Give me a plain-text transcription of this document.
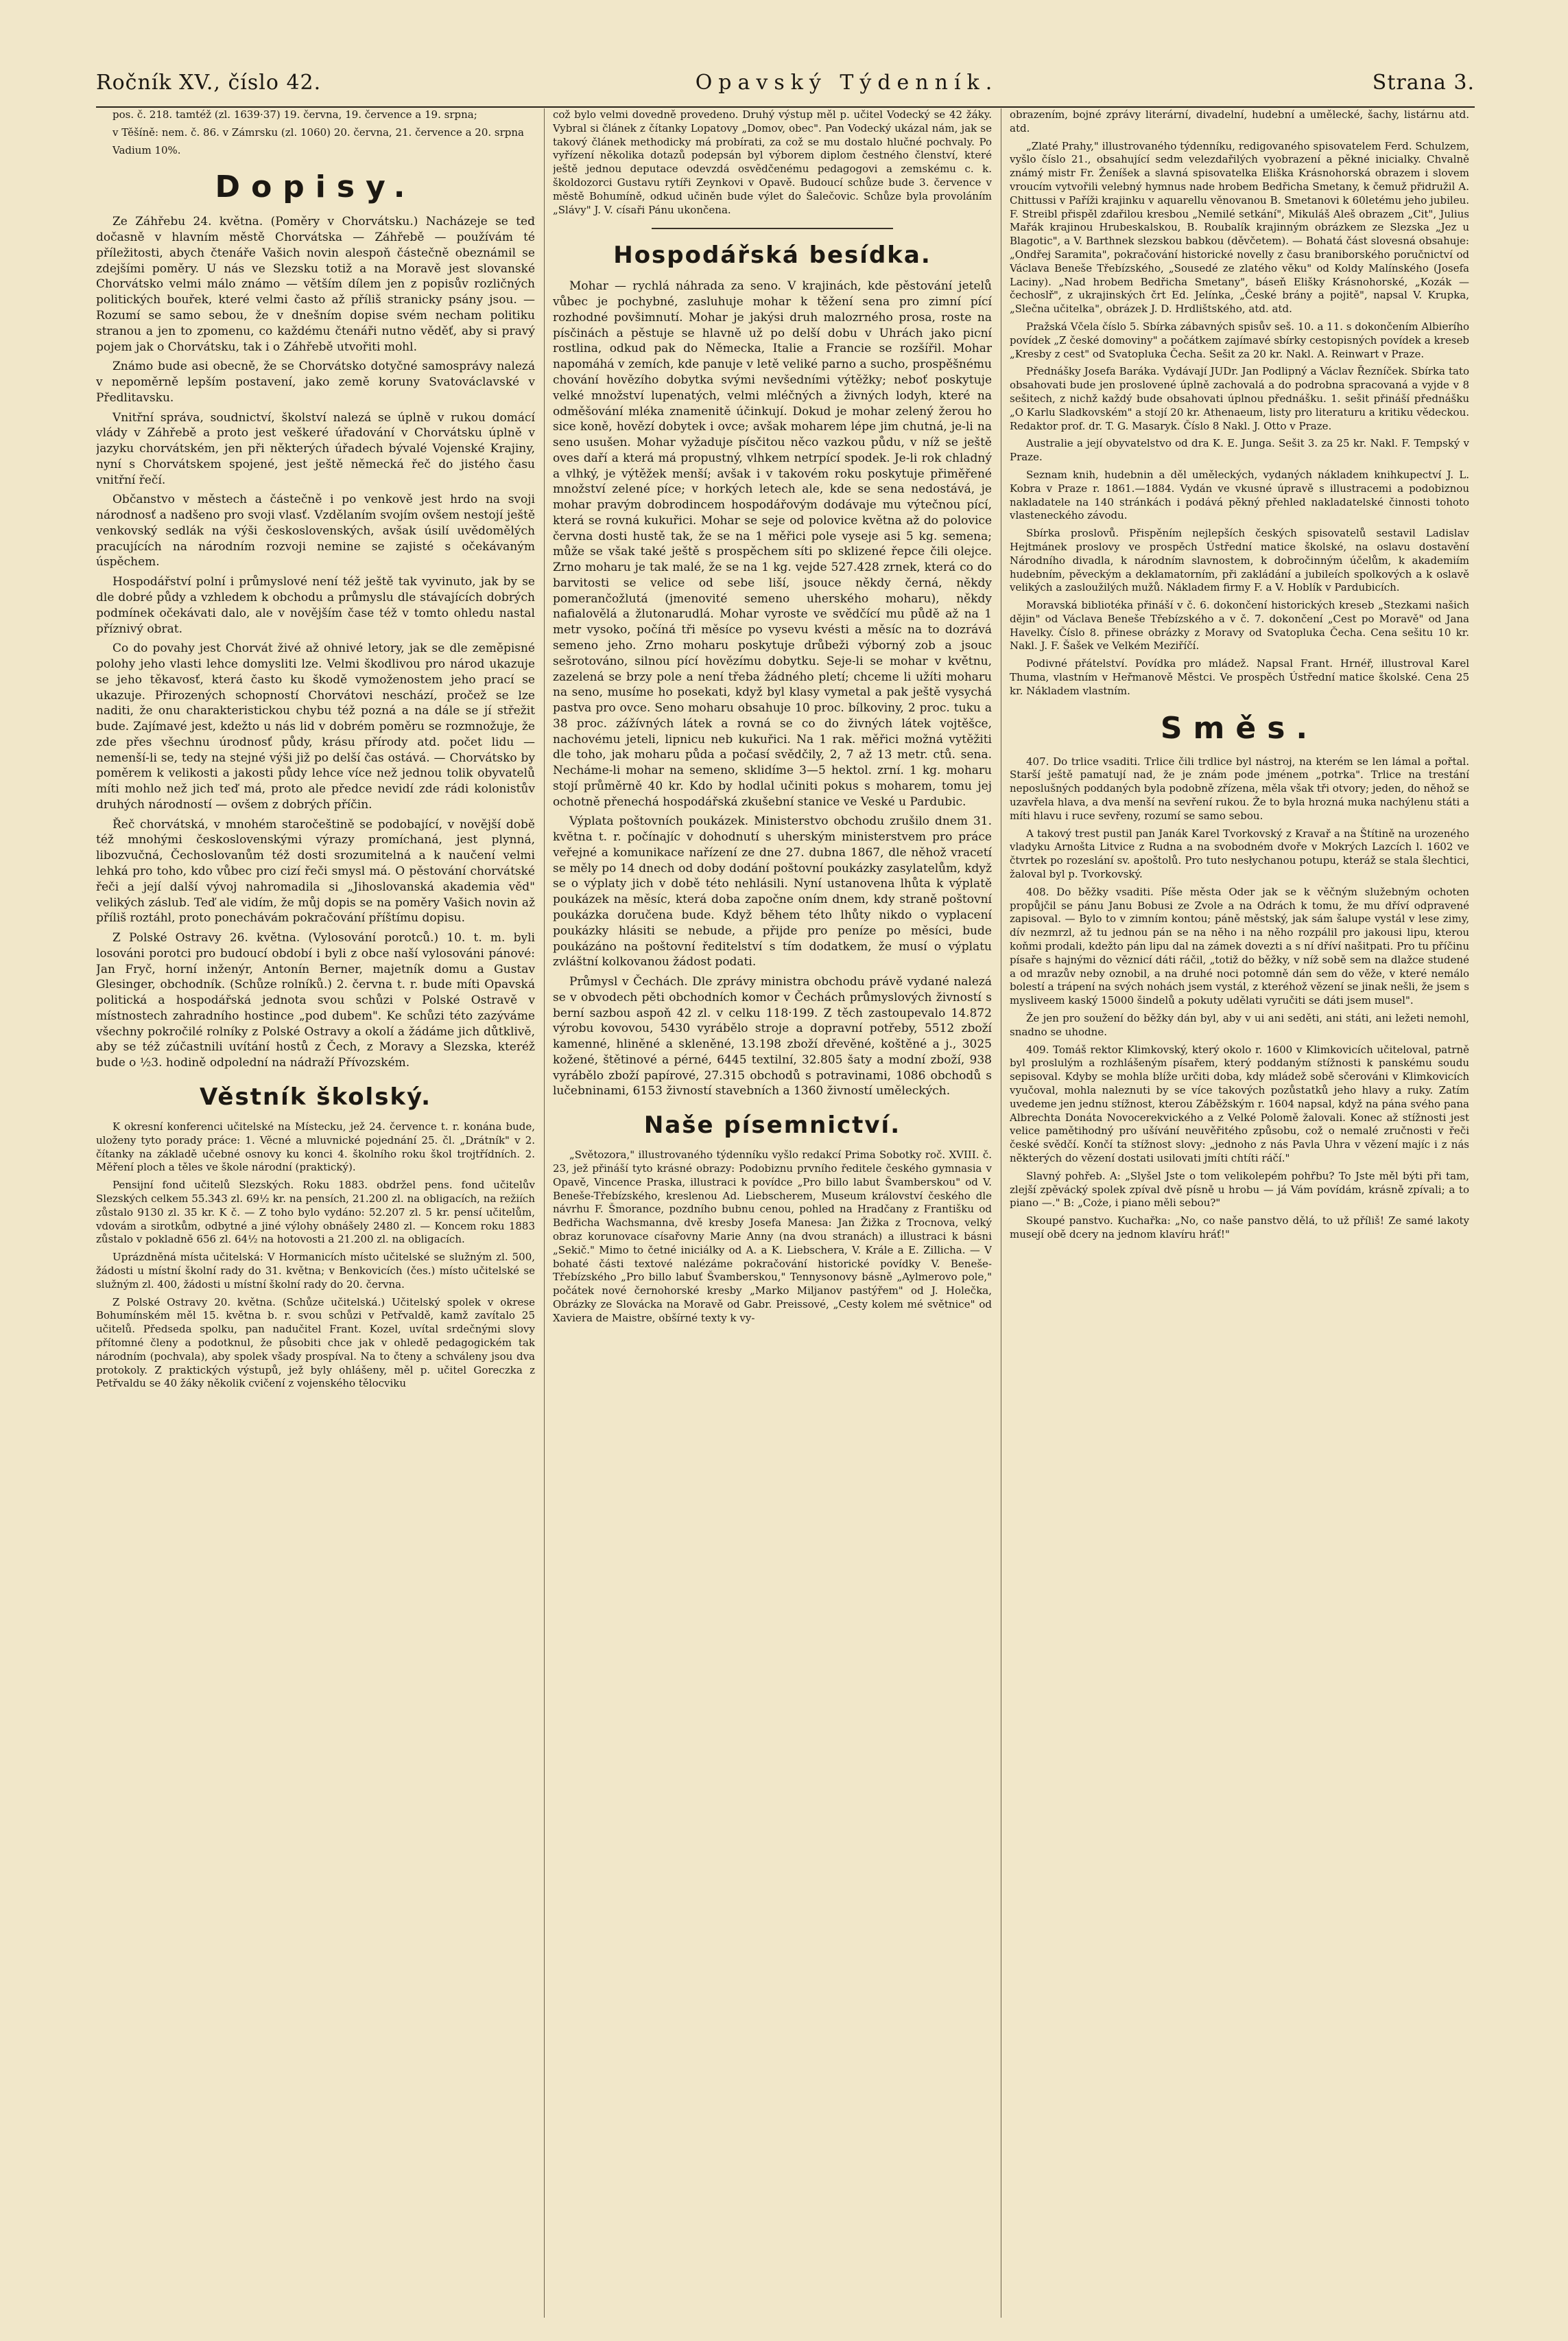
Ročník XV., číslo 42.	Opavský Týdenník.	Strana 3.

pos. č. 218. tamtéž (zl. 1639·37) 19. června, 19. července a 19. srpna;

v Těšíně: nem. č. 86. v Zámrsku (zl. 1060) 20. června, 21. července a 20. srpna

Vadium 10%.

Dopisy.

Ze Záhřebu 24. května. (Poměry v Chorvátsku.) Nacházeje se teď dočasně v hlavním městě Chorvátska — Záhřebě — používám té příležitosti, abych čtenáře Vašich novin alespoň částečně obeznámil se zdejšími poměry. U nás ve Slezsku totiž a na Moravě jest slovanské Chorvátsko velmi málo známo — větším dílem jen z popisův rozličných politických bouřek, které velmi často až příliš stranicky psány jsou. — Rozumí se samo sebou, že v dnešním dopise svém necham politiku stranou a jen to zpomenu, co každému čtenáři nutno věděť, aby si pravý pojem jak o Chorvátsku, tak i o Záhřebě utvořiti mohl.

Známo bude asi obecně, že se Chorvátsko dotyčné samosprávy nalezá v nepoměrně lepším postavení, jako země koruny Svatováclavské v Předlitavsku.

Vnitřní správa, soudnictví, školství nalezá se úplně v rukou domácí vlády v Záhřebě a proto jest veškeré úřadování v Chorvátsku úplně v jazyku chorvátském, jen při některých úřadech bývalé Vojenské Krajiny, nyní s Chorvátskem spojené, jest ještě německá řeč do jistého času vnitřní řečí.

Občanstvo v městech a částečně i po venkově jest hrdo na svoji národnosť a nadšeno pro svoji vlasť. Vzdělaním svojím ovšem nestojí ještě venkovský sedlák na výši československých, avšak úsilí uvědomělých pracujících na národním rozvoji nemine se zajisté s očekávaným úspěchem.

Hospodářství polní i průmyslové není též ještě tak vyvinuto, jak by se dle dobré půdy a vzhledem k obchodu a průmyslu dle stávajících dobrých podmínek očekávati dalo, ale v novějším čase též v tomto ohledu nastal příznivý obrat.

Co do povahy jest Chorvát živé až ohnivé letory, jak se dle zeměpisné polohy jeho vlasti lehce domysliti lze. Velmi škodlivou pro národ ukazuje se jeho těkavosť, která často ku škodě vymoženostem jeho prací se ukazuje. Přirozených schopností Chorvátovi neschází, pročež se lze naditi, že onu charakteristickou chybu též pozná a na dále se jí střežit bude. Zajímavé jest, kdežto u nás lid v dobrém poměru se rozmnožuje, že zde přes všechnu úrodnosť půdy, krásu přírody atd. počet lidu — nemenší-li se, tedy na stejné výši již po delší čas ostává. — Chorvátsko by poměrem k velikosti a jakosti půdy lehce více než jednou tolik obyvatelů míti mohlo než jich teď má, proto ale předce nevidí zde rádi kolonistův druhých národností — ovšem z dobrých příčin.

Řeč chorvátská, v mnohém staročeštině se podobající, v novější době též mnohými československými výrazy promíchaná, jest plynná, libozvučná, Čechoslovanům též dosti srozumitelná a k naučení velmi lehká pro toho, kdo vůbec pro cizí řeči smysl má. O pěstování chorvátské řeči a její další vývoj nahromadila si „Jihoslovanská akademia věd" velikých záslub. Teď ale vidím, že můj dopis se na poměry Vašich novin až příliš roztáhl, proto ponechávám pokračování příštímu dopisu.

Z Polské Ostravy 26. května. (Vylosování porotců.) 10. t. m. byli losováni porotci pro budoucí období i byli z obce naší vylosováni pánové: Jan Fryč, horní inženýr, Antonín Berner, majetník domu a Gustav Glesinger, obchodník. (Schůze rolníků.) 2. června t. r. bude míti Opavská politická a hospodářská jednota svou schůzi v Polské Ostravě v místnostech zahradního hostince „pod dubem". Ke schůzi této zazýváme všechny pokročilé rolníky z Polské Ostravy a okolí a žádáme jich důtklivě, aby se též zúčastnili uvítání hostů z Čech, z Moravy a Slezska, kteréž bude o ½3. hodině odpolední na nádraží Přívozském.

Věstník školský.

K okresní konferenci učitelské na Místecku, jež 24. července t. r. konána bude, uloženy tyto porady práce: 1. Věcné a mluvnické pojednání 25. čl. „Drátník" v 2. čítanky na základě učebné osnovy ku konci 4. školního roku škol trojtřídních. 2. Měření ploch a těles ve škole národní (praktický).

Pensijní fond učitelů Slezských. Roku 1883. obdržel pens. fond učitelův Slezských celkem 55.343 zl. 69½ kr. na pensích, 21.200 zl. na obligacích, na režiích zůstalo 9130 zl. 35 kr. K č. — Z toho bylo vydáno: 52.207 zl. 5 kr. pensí učitelům, vdovám a sirotkům, odbytné a jiné výlohy obnášely 2480 zl. — Koncem roku 1883 zůstalo v pokladně 656 zl. 64½ na hotovosti a 21.200 zl. na obligacích.

Uprázdněná místa učitelská: V Hormanicích místo učitelské se služným zl. 500, žádosti u místní školní rady do 31. května; v Benkovicích (čes.) místo učitelské se služným zl. 400, žádosti u místní školní rady do 20. června.

Z Polské Ostravy 20. května. (Schůze učitelská.) Učitelský spolek v okrese Bohumínském měl 15. května b. r. svou schůzi v Petřvaldě, kamž zavítalo 25 učitelů. Předseda spolku, pan nadučitel Frant. Kozel, uvítal srdečnými slovy přítomné členy a podotknul, že působiti chce jak v ohledě pedagogickém tak národním (pochvala), aby spolek všady prospíval. Na to čteny a schváleny jsou dva protokoly. Z praktických výstupů, jež byly ohlášeny, měl p. učitel Goreczka z Petřvaldu se 40 žáky několik cvičení z vojenského tělocviku

což bylo velmi dovedně provedeno. Druhý výstup měl p. učitel Vodecký se 42 žáky. Vybral si článek z čítanky Lopatovy „Domov, obec". Pan Vodecký ukázal nám, jak se takový článek methodicky má probírati, za což se mu dostalo hlučné pochvaly. Po vyřízení několika dotazů podepsán byl výborem diplom čestného členství, které ještě jednou deputace odevzdá osvědčenému pedagogovi a zemskému c. k. školdozorci Gustavu rytíři Zeynkovi v Opavě. Budoucí schůze bude 3. července v městě Bohumíně, odkud učiněn bude výlet do Šalečovic. Schůze byla provoláním „Slávy" J. V. císaři Pánu ukončena.

Hospodářská besídka.

Mohar — rychlá náhrada za seno. V krajinách, kde pěstování jetelů vůbec je pochybné, zasluhuje mohar k těžení sena pro zimní pící rozhodné povšimnutí. Mohar je jakýsi druh malozrného prosa, roste na písčinách a pěstuje se hlavně už po delší dobu v Uhrách jako picní rostlina, odkud pak do Německa, Italie a Francie se rozšířil. Mohar napomáhá v zemích, kde panuje v letě veliké parno a sucho, prospěšnému chování hovězího dobytka svými nevšedními výtěžky; neboť poskytuje velké množství lupenatých, velmi mléčných a živných lodyh, které na odměšování mléka znamenitě účinkují. Dokud je mohar zelený žerou ho sice koně, hovězí dobytek i ovce; avšak moharem lépe jim chutná, je-li na seno usušen. Mohar vyžaduje písčitou něco vazkou půdu, v níž se ještě oves daří a která má propustný, vlhkem netrpící spodek. Je-li rok chladný a vlhký, je výtěžek menší; avšak i v takovém roku poskytuje přiměřené množství zelené píce; v horkých letech ale, kde se sena nedostává, je mohar pravým dobrodincem hospodářovým dodávaje mu výtečnou pící, která se rovná kukuřici. Mohar se seje od polovice května až do polovice června dosti hustě tak, že se na 1 měřici pole vyseje asi 5 kg. semena; může se však také ještě s prospěchem síti po sklizené řepce čili olejce. Zrno moharu je tak malé, že se na 1 kg. vejde 527.428 zrnek, která co do barvitosti se velice od sebe liší, jsouce někdy černá, někdy pomerančožlutá (jmenovité semeno uherského moharu), někdy nafialovělá a žlutonarudlá. Mohar vyroste ve svědčící mu půdě až na 1 metr vysoko, počíná tři měsíce po vysevu kvésti a měsíc na to dozrává semeno jeho. Zrno moharu poskytuje drůbeži výborný zob a jsouc sešrotováno, silnou pící hovězímu dobytku. Seje-li se mohar v květnu, zazelená se brzy pole a není třeba žádného pletí; chceme li užíti moharu na seno, musíme ho posekati, když byl klasy vymetal a pak ještě vysychá pastva pro ovce. Seno moharu obsahuje 10 proc. bílkoviny, 2 proc. tuku a 38 proc. zážívných látek a rovná se co do živných látek vojtěšce, nachovému jeteli, lipnicu neb kukuřici. Na 1 rak. měřici možná vytěžiti dle toho, jak moharu půda a počasí svědčily, 2, 7 až 13 metr. ctů. sena. Necháme-li mohar na semeno, sklidíme 3—5 hektol. zrní. 1 kg. moharu stojí průměrně 40 kr. Kdo by hodlal učiniti pokus s moharem, tomu jej ochotně přenechá hospodářská zkušební stanice ve Veské u Pardubic.

Výplata poštovních poukázek. Ministerstvo obchodu zrušilo dnem 31. května t. r. počínajíc v dohodnutí s uherským ministerstvem pro práce veřejné a komunikace nařízení ze dne 27. dubna 1867, dle něhož vracetí se měly po 14 dnech od doby dodání poštovní poukázky zasylatelům, když se o výplaty jich v době této nehlásili. Nyní ustanovena lhůta k výplatě poukázek na měsíc, která doba započne oním dnem, kdy straně poštovní poukázka doručena bude. Když během této lhůty nikdo o vyplacení poukázky hlásiti se nebude, a přijde pro peníze po měsíci, bude poukázáno na poštovní ředitelství s tím dodatkem, že musí o výplatu zvláštní kolkovanou žádost podati.

Průmysl v Čechách. Dle zprávy ministra obchodu právě vydané nalezá se v obvodech pěti obchodních komor v Čechách průmyslových živností s berní sazbou aspoň 42 zl. v celku 118·199. Z těch zastoupevalo 14.872 výrobu kovovou, 5430 vyrábělo stroje a dopravní potřeby, 5512 zboží kamenné, hliněné a skleněné, 13.198 zboží dřevěné, koštěné a j., 3025 kožené, štětinové a pérné, 6445 textilní, 32.805 šaty a modní zboží, 938 vyrábělo zboží papírové, 27.315 obchodů s potravinami, 1086 obchodů s lučebninami, 6153 živností stavebních a 1360 živností uměleckých.

Naše písemnictví.

„Světozora," illustrovaného týdenníku vyšlo redakcí Prima Sobotky roč. XVIII. č. 23, jež přináší tyto krásné obrazy: Podobiznu prvního ředitele českého gymnasia v Opavě, Vincence Praska, illustraci k povídce „Pro billo labut Švamberskou" od V. Beneše-Třebízského, kreslenou Ad. Liebscherem, Museum království českého dle návrhu F. Šmorance, pozdního bubnu cenou, pohled na Hradčany z Františku od Bedřicha Wachsmanna, dvě kresby Josefa Manesa: Jan Žižka z Trocnova, velký obraz korunovace císařovny Marie Anny (na dvou stranách) a illustraci k básni „Sekič." Mimo to četné iniciálky od A. a K. Liebschera, V. Krále a E. Zillicha. — V bohaté části textové nalézáme pokračování historické povídky V. Beneše-Třebízského „Pro billo labuť Švamberskou," Tennysonovy básně „Aylmerovo pole," počátek nové černohorské kresby „Marko Miljanov pastýřem" od J. Holečka, Obrázky ze Slovácka na Moravě od Gabr. Preissové, „Cesty kolem mé světnice" od Xaviera de Maistre, obšírné texty k vy-

obrazením, bojné zprávy literární, divadelní, hudební a umělecké, šachy, listárnu atd. atd.

„Zlaté Prahy," illustrovaného týdenníku, redigovaného spisovatelem Ferd. Schulzem, vyšlo číslo 21., obsahující sedm velezdařilých vyobrazení a pěkné inicialky. Chvalně známý mistr Fr. Ženíšek a slavná spisovatelka Eliška Krásnohorská obrazem i slovem vroucím vytvořili velebný hymnus nade hrobem Bedřicha Smetany, k čemuž přidružil A. Chittussi v Paříži krajinku v aquarellu věnovanou B. Smetanovi k 60letému jeho jubileu. F. Streibl přispěl zdařilou kresbou „Nemilé setkání", Mikuláš Aleš obrazem „Cit", Julius Mařák krajinou Hrubeskalskou, B. Roubalík krajinným obrázkem ze Slezska „Jez u Blagotic", a V. Barthnek slezskou babkou (děvčetem). — Bohatá část slovesná obsahuje: „Ondřej Saramita", pokračování historické novelly z času braniborského poručnictví od Václava Beneše Třebízského, „Sousedé ze zlatého věku" od Koldy Malínského (Josefa Laciny). „Nad hrobem Bedřicha Smetany", báseň Elišky Krásnohorské, „Kozák — čechoslř", z ukrajinských črt Ed. Jelínka, „České brány a pojitě", napsal V. Krupka, „Slečna učitelka", obrázek J. D. Hrdlištského, atd. atd.

Pražská Včela číslo 5. Sbírka zábavných spisův seš. 10. a 11. s dokončením Albierího povídek „Z české domoviny" a počátkem zajímavé sbírky cestopisných povídek a kreseb „Kresby z cest" od Svatopluka Čecha. Sešit za 20 kr. Nakl. A. Reinwart v Praze.

Přednášky Josefa Baráka. Vydávají JUDr. Jan Podlipný a Václav Řezníček. Sbírka tato obsahovati bude jen proslovené úplně zachovalá a do podrobna spracovaná a vyjde v 8 sešitech, z nichž každý bude obsahovati úplnou přednášku. 1. sešit přináší přednášku „O Karlu Sladkovském" a stojí 20 kr. Athenaeum, listy pro literaturu a kritiku vědeckou. Redaktor prof. dr. T. G. Masaryk. Číslo 8 Nakl. J. Otto v Praze.

Australie a její obyvatelstvo od dra K. E. Junga. Sešit 3. za 25 kr. Nakl. F. Tempský v Praze.

Seznam knih, hudebnin a děl uměleckých, vydaných nákladem knihkupectví J. L. Kobra v Praze r. 1861.—1884. Vydán ve vkusné úpravě s illustracemi a podobiznou nakladatele na 140 stránkách i podává pěkný přehled nakladatelské činnosti tohoto vlasteneckého závodu.

Sbírka proslovů. Přispěním nejlepších českých spisovatelů sestavil Ladislav Hejtmánek proslovy ve prospěch Ústřední matice školské, na oslavu dostavění Národního divadla, k národním slavnostem, k dobročinným účelům, k akademiím hudebním, pěveckým a deklamatorním, při zakládání a jubileích spolkových a k oslavě velikých a zasloužilých mužů. Nákladem firmy F. a V. Hoblík v Pardubicích.

Moravská bibliotéka přináší v č. 6. dokončení historických kreseb „Stezkami našich dějin" od Václava Beneše Třebízského a v č. 7. dokončení „Cest po Moravě" od Jana Havelky. Číslo 8. přinese obrázky z Moravy od Svatopluka Čecha. Cena sešitu 10 kr. Nakl. J. F. Šašek ve Velkém Meziříčí.

Podivné přátelství. Povídka pro mládež. Napsal Frant. Hrnéř, illustroval Karel Thuma, vlastním v Heřmanově Městci. Ve prospěch Ústřední matice školské. Cena 25 kr. Nákladem vlastním.

Směs.

407. Do trlice vsaditi. Trlice čili trdlice byl nástroj, na kterém se len lámal a pořtal. Starší ještě pamatují nad, že je znám pode jménem „potrka". Trlice na trestání neposlušných poddaných byla podobně zřízena, měla však tři otvory; jeden, do něhož se uzavřela hlava, a dva menší na sevření rukou. Že to byla hrozná muka nachýlenu státi a míti hlavu i ruce sevřeny, rozumí se samo sebou.

A takový trest pustil pan Janák Karel Tvorkovský z Kravař a na Štítině na urozeného vladyku Arnošta Litvice z Rudna a na svobodném dvoře v Mokrých Lazcích l. 1602 ve čtvrtek po rozeslání sv. apoštolů. Pro tuto nesłychanou potupu, kteráž se stala šlechtici, žaloval byl p. Tvorkovský.

408. Do běžky vsaditi. Píše města Oder jak se k věčným služebným ochoten propůjčil se pánu Janu Bobusi ze Zvole a na Odrách k tomu, že mu dříví odpravené zapisoval. — Bylo to v zimním kontou; páně městský, jak sám šalupe vystál v lese zimy, dív nezmrzl, až tu jednou pán se na něho i na něho rozpálil pro jakousi lipu, kterou koňmi prodali, kdežto pán lipu dal na zámek dovezti a s ní dříví našitpati. Pro tu příčinu písaře s hajnými do věznicí dáti ráčil, „totiž do běžky, v níž sobě sem na dlažce studené a od mrazův neby oznobil, a na druhé noci potomně dán sem do věže, v které nemálo bolestí a trápení na svých nohách jsem vystál, z kteréhož vězení se jinak nešli, že jsem s mysliveem kaský 15000 šindelů a pokuty udělati vyručiti se dáti jsem musel".

Že jen pro soužení do běžky dán byl, aby v ui ani seděti, ani státi, ani ležeti nemohl, snadno se uhodne.

409. Tomáš rektor Klimkovský, který okolo r. 1600 v Klimkovicích učiteloval, patrně byl proslulým a rozhlášeným písařem, který poddaným stížnosti k panskému soudu sepisoval. Kdyby se mohla blíže určiti doba, kdy mládež sobě sčerováni v Klimkovicích vyučoval, mohla naleznuti by se více takových pozůstatků jeho hlavy a ruky. Zatím uvedeme jen jednu stížnost, kterou Záběžským r. 1604 napsal, když na pána svého pana Albrechta Donáta Novocerekvického a z Velké Polomě žalovali. Konec až stížnosti jest velice pamětihodný pro ušívání neuvěřitého způsobu, což o nemalé zručnosti v řeči české svědčí. Končí ta stížnost slovy: „jednoho z nás Pavla Uhra v vězení majíc i z nás některých do vězení dostati usilovati jmíti chtíti ráčí."

Slavný pohřeb. A: „Slyšel Jste o tom velikolepém pohřbu? To Jste měl býti při tam, zlejší zpěvácký spolek zpíval dvě písně u hrobu — já Vám povídám, krásně zpívali; a to piano —." B: „Coże, i piano měli sebou?"

Skoupé panstvo. Kuchařka: „No, co naše panstvo dělá, to už příliš! Ze samé lakoty musejí obě dcery na jednom klavíru hráť!"
